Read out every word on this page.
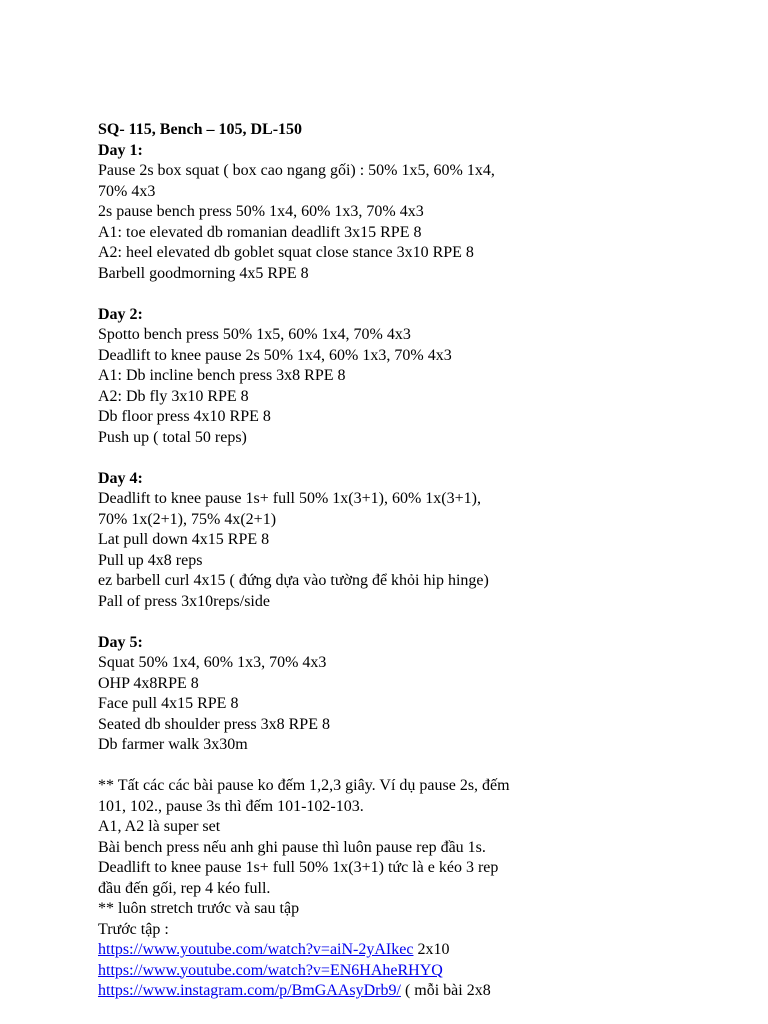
SQ- 115, Bench – 105, DL-150
Day 1:
Pause 2s box squat ( box cao ngang gối) : 50% 1x5, 60% 1x4,
70% 4x3
2s pause bench press 50% 1x4, 60% 1x3, 70% 4x3
A1: toe elevated db romanian deadlift 3x15 RPE 8
A2: heel elevated db goblet squat close stance 3x10 RPE 8
Barbell goodmorning 4x5 RPE 8
Day 2:
Spotto bench press 50% 1x5, 60% 1x4, 70% 4x3
Deadlift to knee pause 2s 50% 1x4, 60% 1x3, 70% 4x3
A1: Db incline bench press 3x8 RPE 8
A2: Db fly 3x10 RPE 8
Db floor press 4x10 RPE 8
Push up ( total 50 reps)
Day 4:
Deadlift to knee pause 1s+ full 50% 1x(3+1), 60% 1x(3+1),
70% 1x(2+1), 75% 4x(2+1)
Lat pull down 4x15 RPE 8
Pull up 4x8 reps
ez barbell curl 4x15 ( đứng dựa vào tường để khỏi hip hinge)
Pall of press 3x10reps/side
Day 5:
Squat 50% 1x4, 60% 1x3, 70% 4x3
OHP 4x8RPE 8
Face pull 4x15 RPE 8
Seated db shoulder press 3x8 RPE 8
Db farmer walk 3x30m
** Tất các các bài pause ko đếm 1,2,3 giây. Ví dụ pause 2s, đếm
101, 102., pause 3s thì đếm 101-102-103.
A1, A2 là super set
Bài bench press nếu anh ghi pause thì luôn pause rep đầu 1s.
Deadlift to knee pause 1s+ full 50% 1x(3+1) tức là e kéo 3 rep
đầu đến gối, rep 4 kéo full.
** luôn stretch trước và sau tập
Trước tập :
https://www.youtube.com/watch?v=aiN-2yAIkec 2x10
https://www.youtube.com/watch?v=EN6HAheRHYQ
https://www.instagram.com/p/BmGAAsyDrb9/ ( mỗi bài 2x8
